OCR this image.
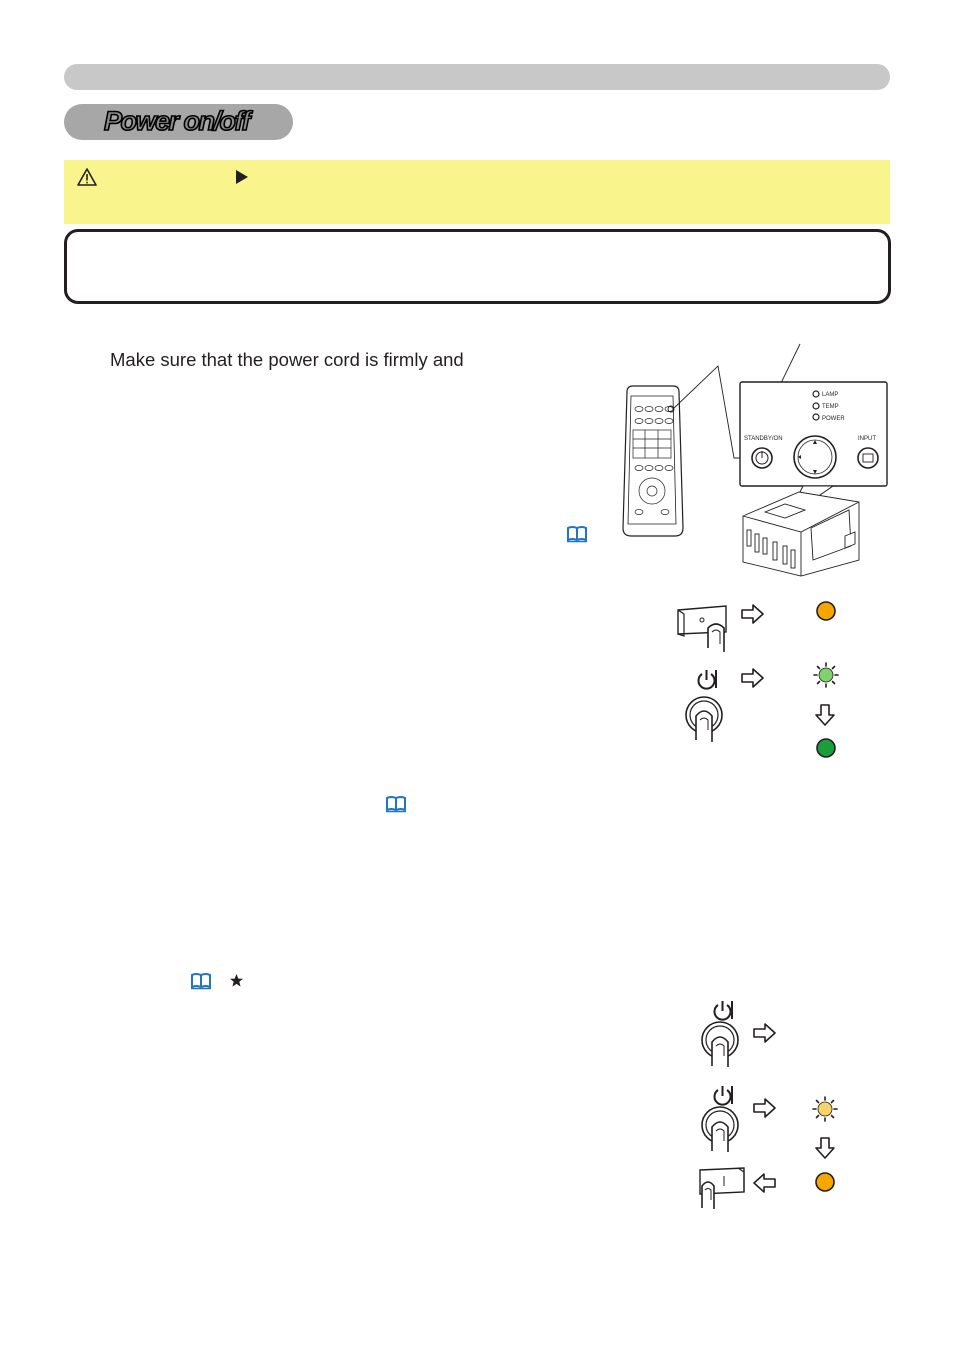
Power on/off
Make sure that the power cord is firmly and
LAMP
TEMP
POWER
STANDBY/ON	INPUT
